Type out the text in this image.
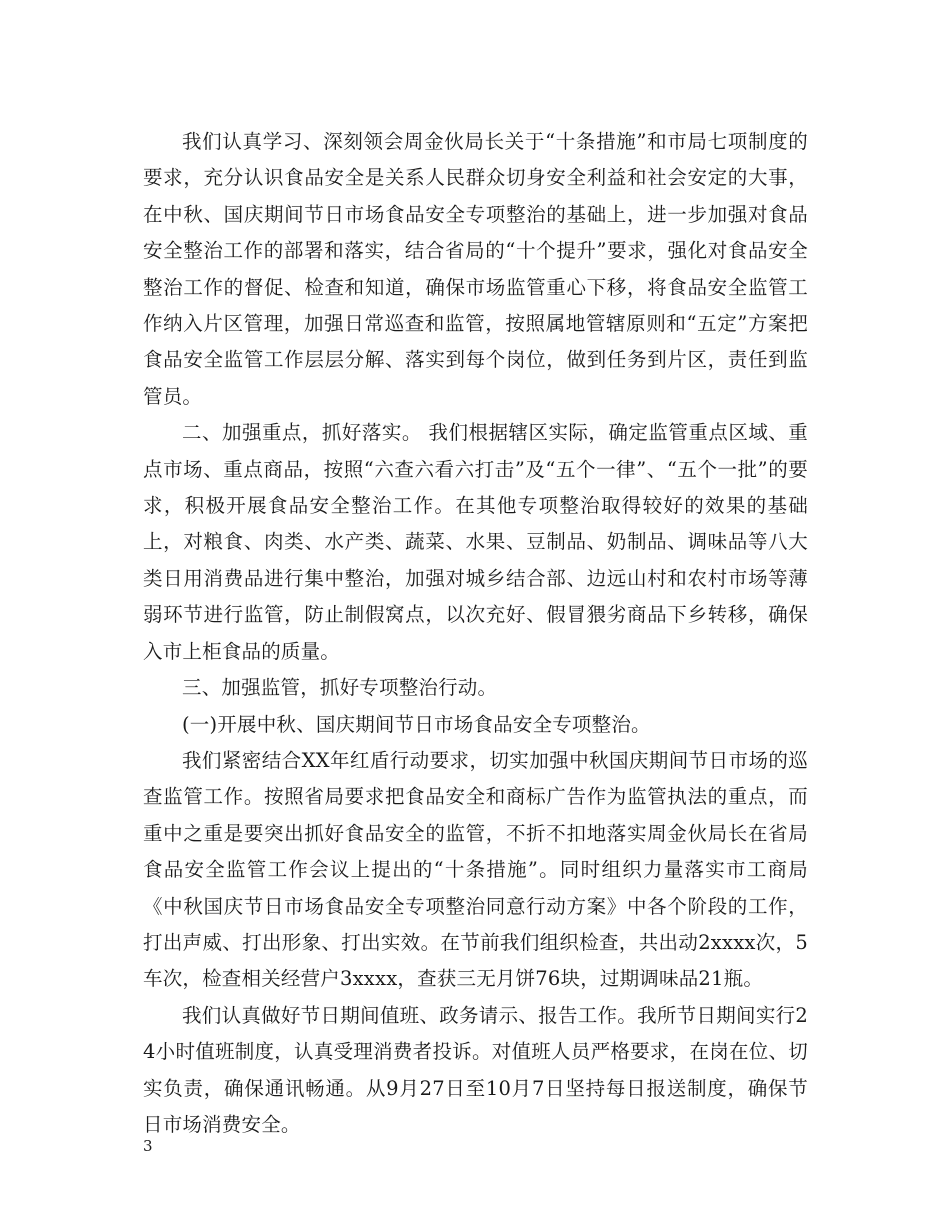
我们认真学习、深刻领会周金伙局长关于“十条措施”和市局七项制度的要求，充分认识食品安全是关系人民群众切身安全利益和社会安定的大事，在中秋、国庆期间节日市场食品安全专项整治的基础上，进一步加强对食品安全整治工作的部署和落实，结合省局的“十个提升”要求，强化对食品安全整治工作的督促、检查和知道，确保市场监管重心下移，将食品安全监管工作纳入片区管理，加强日常巡查和监管，按照属地管辖原则和“五定”方案把食品安全监管工作层层分解、落实到每个岗位，做到任务到片区，责任到监管员。

二、加强重点，抓好落实。 我们根据辖区实际，确定监管重点区域、重点市场、重点商品，按照“六查六看六打击”及“五个一律”、“五个一批”的要求，积极开展食品安全整治工作。在其他专项整治取得较好的效果的基础上，对粮食、肉类、水产类、蔬菜、水果、豆制品、奶制品、调味品等八大类日用消费品进行集中整治，加强对城乡结合部、边远山村和农村市场等薄弱环节进行监管，防止制假窝点，以次充好、假冒猥劣商品下乡转移，确保入市上柜食品的质量。

三、加强监管，抓好专项整治行动。

(一)开展中秋、国庆期间节日市场食品安全专项整治。

我们紧密结合XX年红盾行动要求，切实加强中秋国庆期间节日市场的巡查监管工作。按照省局要求把食品安全和商标广告作为监管执法的重点，而重中之重是要突出抓好食品安全的监管，不折不扣地落实周金伙局长在省局食品安全监管工作会议上提出的“十条措施”。同时组织力量落实市工商局《中秋国庆节日市场食品安全专项整治同意行动方案》中各个阶段的工作，打出声威、打出形象、打出实效。在节前我们组织检查，共出动2xxxx次，5车次，检查相关经营户3xxxx，查获三无月饼76块，过期调味品21瓶。

我们认真做好节日期间值班、政务请示、报告工作。我所节日期间实行24小时值班制度，认真受理消费者投诉。对值班人员严格要求，在岗在位、切实负责，确保通讯畅通。从9月27日至10月7日坚持每日报送制度，确保节日市场消费安全。

3
